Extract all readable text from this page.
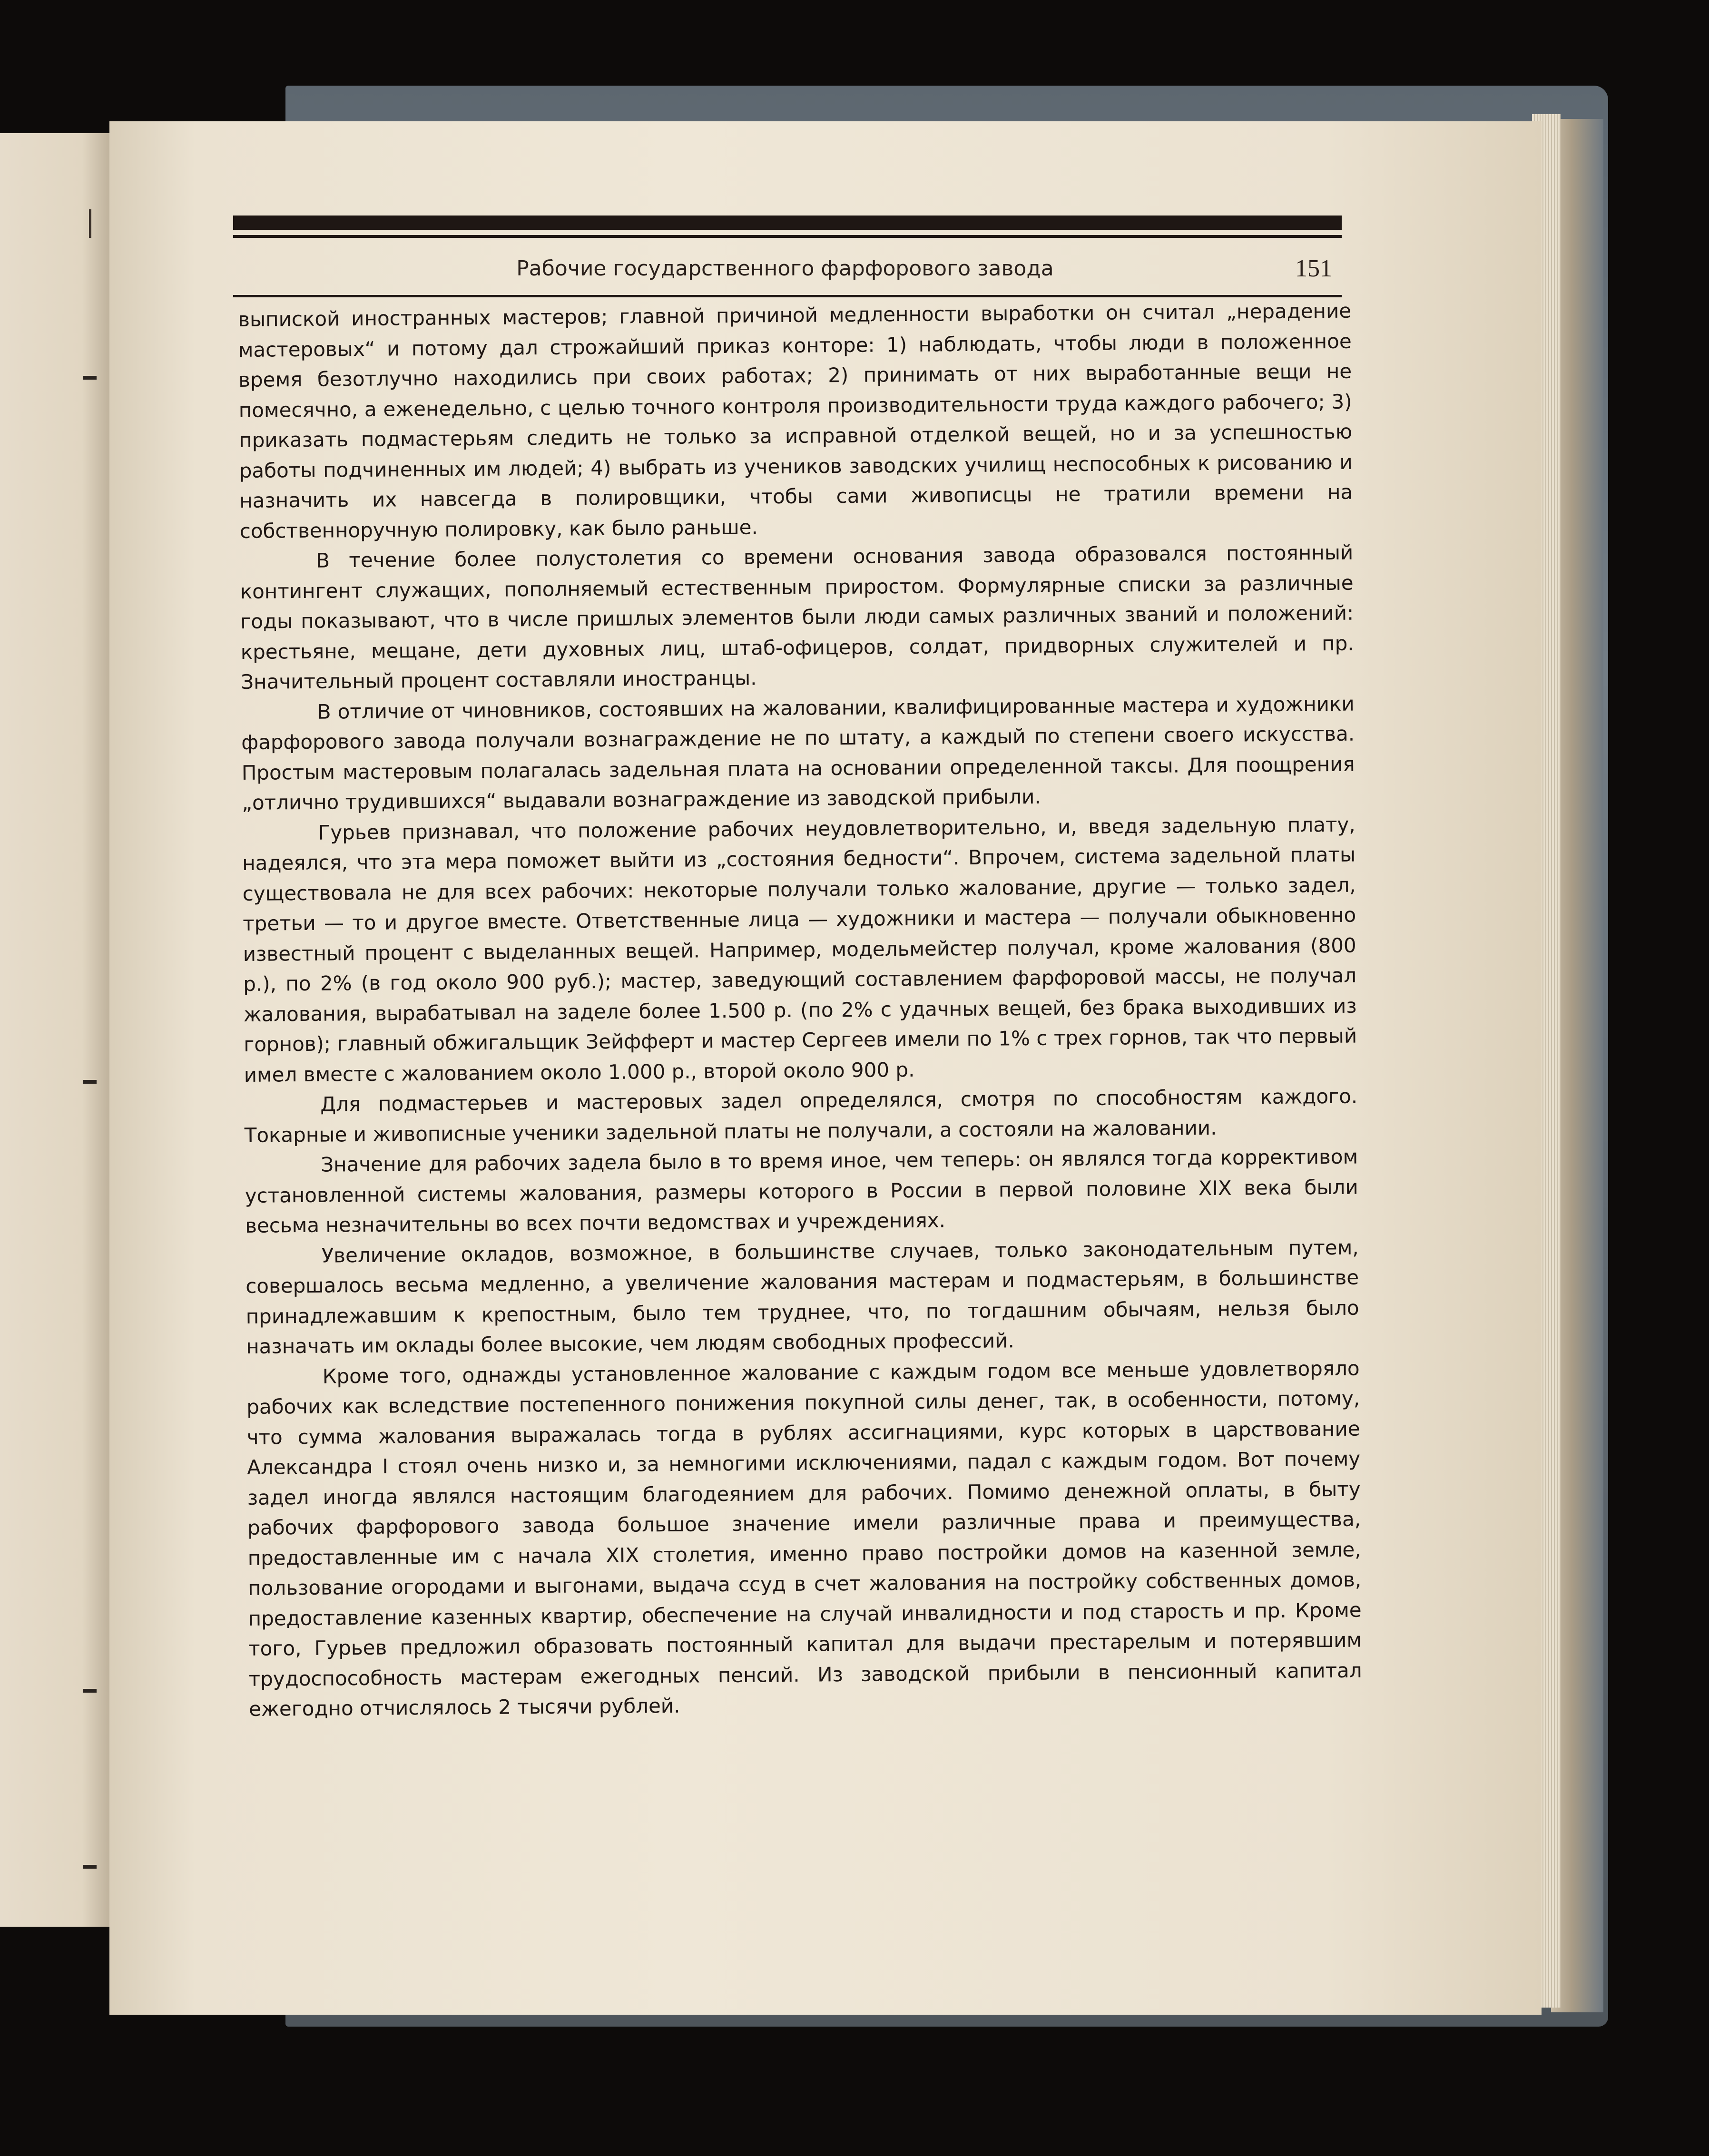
Рабочие государственного фарфорового завода	151

выпиской иностранных мастеров; главной причиной медленности выработки он считал „нерадение мастеровых“ и потому дал строжайший приказ конторе: 1) наблюдать, чтобы люди в положенное время безотлучно находились при своих работах; 2) принимать от них выработанные вещи не помесячно, а еженедельно, с целью точного контроля производительности труда каждого рабочего; 3) приказать подмастерьям следить не только за исправной отделкой вещей, но и за успешностью работы подчиненных им людей; 4) выбрать из учеников заводских училищ неспособных к рисованию и назначить их навсегда в полировщики, чтобы сами живописцы не тратили времени на собственноручную полировку, как было раньше.

В течение более полустолетия со времени основания завода образовался постоянный контингент служащих, пополняемый естественным приростом. Формулярные списки за различные годы показывают, что в числе пришлых элементов были люди самых различных званий и положений: крестьяне, мещане, дети духовных лиц, штаб-офицеров, солдат, придворных служителей и пр. Значительный процент составляли иностранцы.

В отличие от чиновников, состоявших на жаловании, квалифицированные мастера и художники фарфорового завода получали вознаграждение не по штату, а каждый по степени своего искусства. Простым мастеровым полагалась задельная плата на основании определенной таксы. Для поощрения „отлично трудившихся“ выдавали вознаграждение из заводской прибыли.

Гурьев признавал, что положение рабочих неудовлетворительно, и, введя задельную плату, надеялся, что эта мера поможет выйти из „состояния бедности“. Впрочем, система задельной платы существовала не для всех рабочих: некоторые получали только жалование, другие — только задел, третьи — то и другое вместе. Ответственные лица — художники и мастера — получали обыкновенно известный процент с выделанных вещей. Например, модельмейстер получал, кроме жалования (800 р.), по 2% (в год около 900 руб.); мастер, заведующий составлением фарфоровой массы, не получал жалования, вырабатывал на заделе более 1.500 р. (по 2% с удачных вещей, без брака выходивших из горнов); главный обжигальщик Зейфферт и мастер Сергеев имели по 1% с трех горнов, так что первый имел вместе с жалованием около 1.000 р., второй около 900 р.

Для подмастерьев и мастеровых задел определялся, смотря по способностям каждого. Токарные и живописные ученики задельной платы не получали, а состояли на жаловании.

Значение для рабочих задела было в то время иное, чем теперь: он являлся тогда коррективом установленной системы жалования, размеры которого в России в первой половине XIX века были весьма незначительны во всех почти ведомствах и учреждениях.

Увеличение окладов, возможное, в большинстве случаев, только законодательным путем, совершалось весьма медленно, а увеличение жалования мастерам и подмастерьям, в большинстве принадлежавшим к крепостным, было тем труднее, что, по тогдашним обычаям, нельзя было назначать им оклады более высокие, чем людям свободных профессий.

Кроме того, однажды установленное жалование с каждым годом все меньше удовлетворяло рабочих как вследствие постепенного понижения покупной силы денег, так, в особенности, потому, что сумма жалования выражалась тогда в рублях ассигнациями, курс которых в царствование Александра I стоял очень низко и, за немногими исключениями, падал с каждым годом. Вот почему задел иногда являлся настоящим благодеянием для рабочих. Помимо денежной оплаты, в быту рабочих фарфорового завода большое значение имели различные права и преимущества, предоставленные им с начала XIX столетия, именно право постройки домов на казенной земле, пользование огородами и выгонами, выдача ссуд в счет жалования на постройку собственных домов, предоставление казенных квартир, обеспечение на случай инвалидности и под старость и пр. Кроме того, Гурьев предложил образовать постоянный капитал для выдачи престарелым и потерявшим трудоспособность мастерам ежегодных пенсий. Из заводской прибыли в пенсионный капитал ежегодно отчислялось 2 тысячи рублей.
